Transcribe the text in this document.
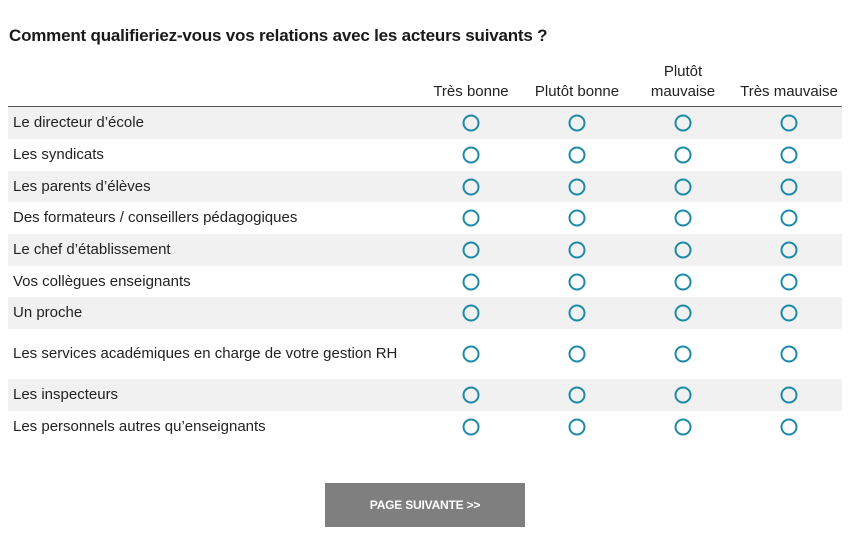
Comment qualifieriez-vous vos relations avec les acteurs suivants ?
Très bonne	Plutôt bonne
Plutôt mauvaise	Très mauvaise
Le directeur d’école
Les syndicats
Les parents d’élèves
Des formateurs / conseillers pédagogiques
Le chef d’établissement
Vos collègues enseignants
Un proche
Les services académiques en charge de votre gestion RH
Les inspecteurs
Les personnels autres qu’enseignants
PAGE SUIVANTE >>
